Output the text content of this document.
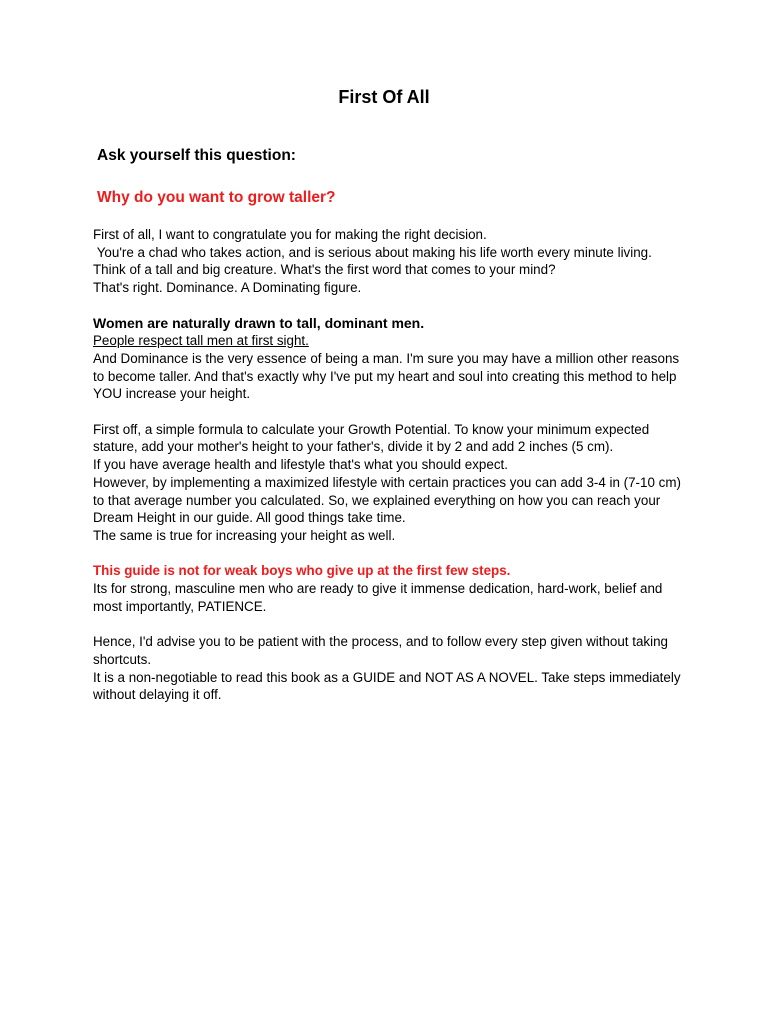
First Of All
Ask yourself this question:
Why do you want to grow taller?

First of all, I want to congratulate you for making the right decision.

You're a chad who takes action, and is serious about making his life worth every minute living.

Think of a tall and big creature. What's the first word that comes to your mind?

That's right. Dominance. A Dominating figure.

Women are naturally drawn to tall, dominant men.

People respect tall men at first sight.

And Dominance is the very essence of being a man. I'm sure you may have a million other reasons to become taller. And that's exactly why I've put my heart and soul into creating this method to help YOU increase your height.

First off, a simple formula to calculate your Growth Potential. To know your minimum expected stature, add your mother's height to your father's, divide it by 2 and add 2 inches (5 cm).

If you have average health and lifestyle that's what you should expect.

However, by implementing a maximized lifestyle with certain practices you can add 3-4 in (7-10 cm) to that average number you calculated. So, we explained everything on how you can reach your Dream Height in our guide. All good things take time.

The same is true for increasing your height as well.

This guide is not for weak boys who give up at the first few steps.

Its for strong, masculine men who are ready to give it immense dedication, hard-work, belief and most importantly, PATIENCE.

Hence, I'd advise you to be patient with the process, and to follow every step given without taking shortcuts.

It is a non-negotiable to read this book as a GUIDE and NOT AS A NOVEL. Take steps immediately without delaying it off.
